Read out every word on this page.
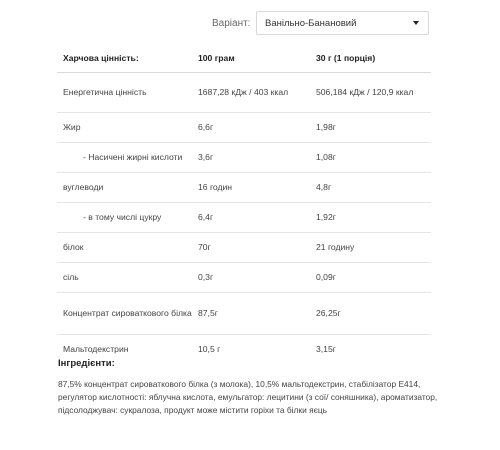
Варіант:	Ванільно-Банановий
Харчова цінність:	100 грам	30 г (1 порція)
Енергетична цінність	1687,28 кДж / 403 ккал	506,184 кДж / 120,9 ккал
Жир	6,6г	1,98г
- Насичені жирні кислоти	3,6г	1,08г
вуглеводи	16 годин	4,8г
- в тому числі цукру	6,4г	1,92г
білок	70г	21 годину
сіль	0,3г	0,09г
Концентрат сироваткового білка	87,5г	26,25г
Мальтодекстрин	10,5 г	3,15г
Інгредієнти:
87,5% концентрат сироваткового білка (з молока), 10,5% мальтодекстрин, стабілізатор E414, регулятор кислотності: яблучна кислота, емульгатор: лецитини (з сої/ соняшника), ароматизатор, підсолоджувач: сукралоза, продукт може містити горіхи та білки яєць
